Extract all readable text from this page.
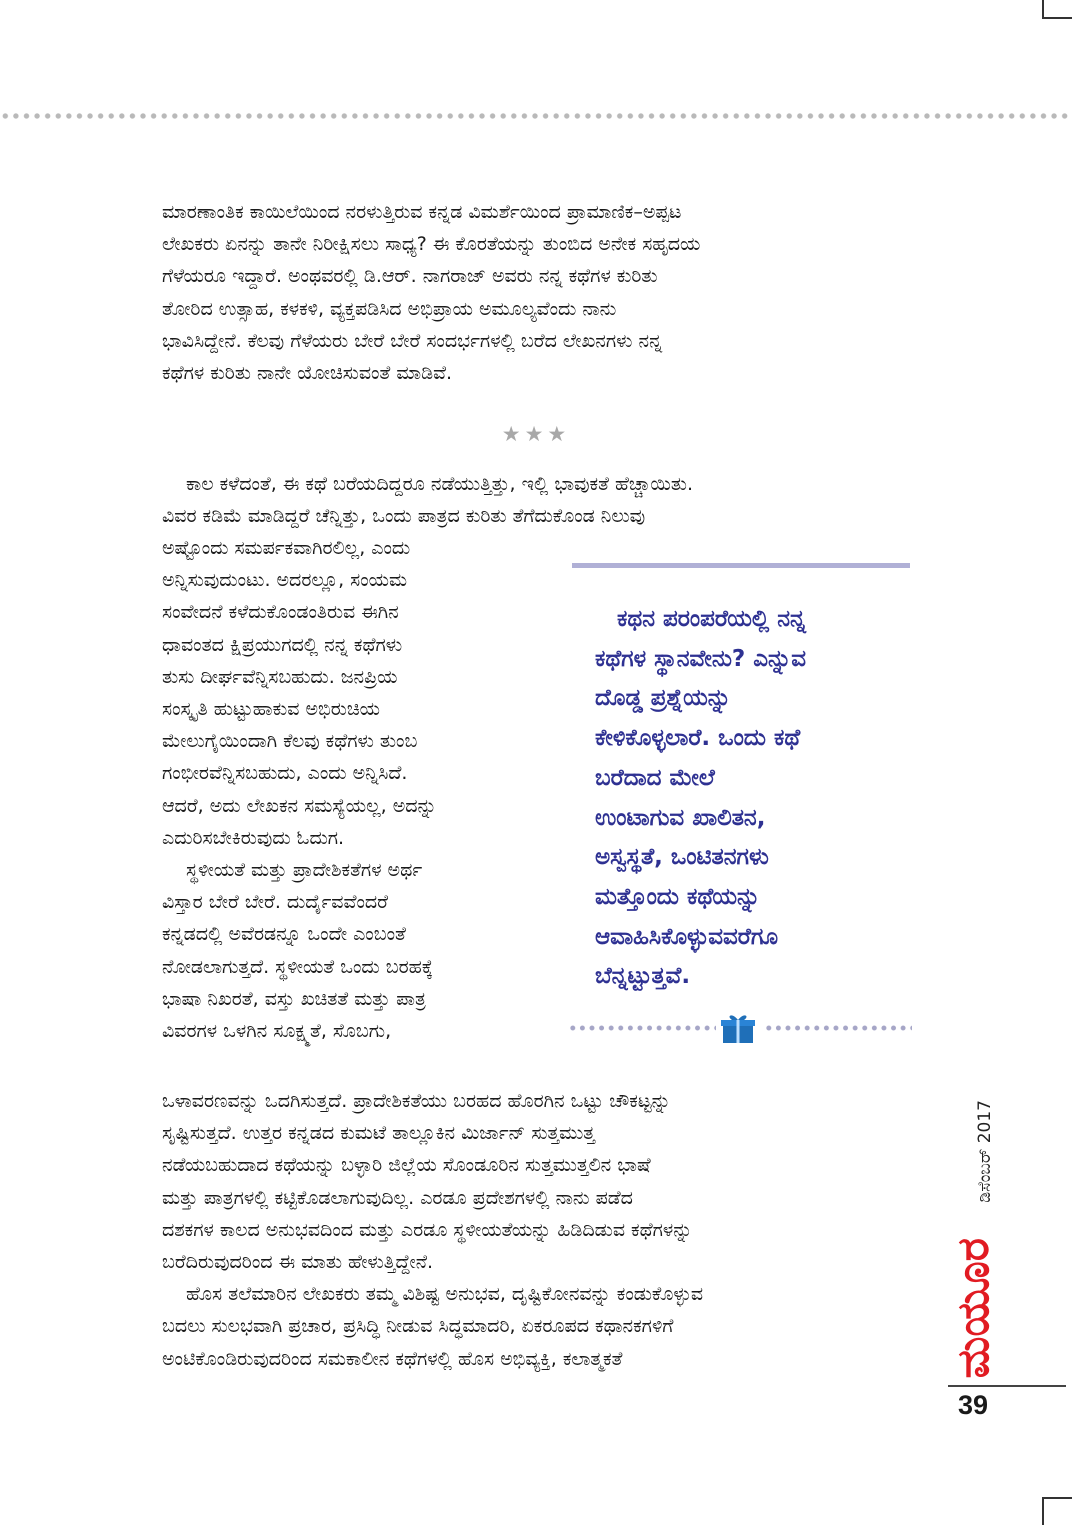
ಮಾರಣಾಂತಿಕ ಕಾಯಿಲೆಯಿಂದ ನರಳುತ್ತಿರುವ ಕನ್ನಡ ವಿಮರ್ಶೆಯಿಂದ ಪ್ರಾಮಾಣಿಕ–ಅಪ್ಪಟ
ಲೇಖಕರು ಏನನ್ನು ತಾನೇ ನಿರೀಕ್ಷಿಸಲು ಸಾಧ್ಯ? ಈ ಕೊರತೆಯನ್ನು ತುಂಬಿದ ಅನೇಕ ಸಹೃದಯ
ಗೆಳೆಯರೂ ಇದ್ದಾರೆ. ಅಂಥವರಲ್ಲಿ ಡಿ.ಆರ್. ನಾಗರಾಜ್ ಅವರು ನನ್ನ ಕಥೆಗಳ ಕುರಿತು
ತೋರಿದ ಉತ್ಸಾಹ, ಕಳಕಳಿ, ವ್ಯಕ್ತಪಡಿಸಿದ ಅಭಿಪ್ರಾಯ ಅಮೂಲ್ಯವೆಂದು ನಾನು
ಭಾವಿಸಿದ್ದೇನೆ. ಕೆಲವು ಗೆಳೆಯರು ಬೇರೆ ಬೇರೆ ಸಂದರ್ಭಗಳಲ್ಲಿ ಬರೆದ ಲೇಖನಗಳು ನನ್ನ
ಕಥೆಗಳ ಕುರಿತು ನಾನೇ ಯೋಚಿಸುವಂತೆ ಮಾಡಿವೆ.

★★★

ಕಾಲ ಕಳೆದಂತೆ, ಈ ಕಥೆ ಬರೆಯದಿದ್ದರೂ ನಡೆಯುತ್ತಿತ್ತು, ಇಲ್ಲಿ ಭಾವುಕತೆ ಹೆಚ್ಚಾಯಿತು.
ವಿವರ ಕಡಿಮೆ ಮಾಡಿದ್ದರೆ ಚೆನ್ನಿತ್ತು, ಒಂದು ಪಾತ್ರದ ಕುರಿತು ತೆಗೆದುಕೊಂಡ ನಿಲುವು

ಅಷ್ಟೊಂದು ಸಮರ್ಪಕವಾಗಿರಲಿಲ್ಲ, ಎಂದು
ಅನ್ನಿಸುವುದುಂಟು. ಅದರಲ್ಲೂ, ಸಂಯಮ
ಸಂವೇದನೆ ಕಳೆದುಕೊಂಡಂತಿರುವ ಈಗಿನ
ಧಾವಂತದ ಕ್ಷಿಪ್ರಯುಗದಲ್ಲಿ ನನ್ನ ಕಥೆಗಳು
ತುಸು ದೀರ್ಘವೆನ್ನಿಸಬಹುದು. ಜನಪ್ರಿಯ
ಸಂಸ್ಕೃತಿ ಹುಟ್ಟುಹಾಕುವ ಅಭಿರುಚಿಯ
ಮೇಲುಗೈಯಿಂದಾಗಿ ಕೆಲವು ಕಥೆಗಳು ತುಂಬ
ಗಂಭೀರವೆನ್ನಿಸಬಹುದು, ಎಂದು ಅನ್ನಿಸಿದೆ.
ಆದರೆ, ಅದು ಲೇಖಕನ ಸಮಸ್ಯೆಯಲ್ಲ, ಅದನ್ನು
ಎದುರಿಸಬೇಕಿರುವುದು ಓದುಗ.
ಸ್ಥಳೀಯತೆ ಮತ್ತು ಪ್ರಾದೇಶಿಕತೆಗಳ ಅರ್ಥ
ವಿಸ್ತಾರ ಬೇರೆ ಬೇರೆ. ದುರ್ದೈವವೆಂದರೆ
ಕನ್ನಡದಲ್ಲಿ ಅವೆರಡನ್ನೂ ಒಂದೇ ಎಂಬಂತೆ
ನೋಡಲಾಗುತ್ತದೆ. ಸ್ಥಳೀಯತೆ ಒಂದು ಬರಹಕ್ಕೆ
ಭಾಷಾ ನಿಖರತೆ, ವಸ್ತು ಖಚಿತತೆ ಮತ್ತು ಪಾತ್ರ
ವಿವರಗಳ ಒಳಗಿನ ಸೂಕ್ಷ್ಮತೆ, ಸೊಬಗು,

ಕಥನ ಪರಂಪರೆಯಲ್ಲಿ ನನ್ನ
ಕಥೆಗಳ ಸ್ಥಾನವೇನು? ಎನ್ನುವ
ದೊಡ್ಡ ಪ್ರಶ್ನೆಯನ್ನು
ಕೇಳಿಕೊಳ್ಳಲಾರೆ. ಒಂದು ಕಥೆ
ಬರೆದಾದ ಮೇಲೆ
ಉಂಟಾಗುವ ಖಾಲಿತನ,
ಅಸ್ವಸ್ಥತೆ, ಒಂಟಿತನಗಳು
ಮತ್ತೊಂದು ಕಥೆಯನ್ನು
ಆವಾಹಿಸಿಕೊಳ್ಳುವವರೆಗೂ
ಬೆನ್ನಟ್ಟುತ್ತವೆ.

ಒಳಾವರಣವನ್ನು ಒದಗಿಸುತ್ತದೆ. ಪ್ರಾದೇಶಿಕತೆಯು ಬರಹದ ಹೊರಗಿನ ಒಟ್ಟು ಚೌಕಟ್ಟನ್ನು
ಸೃಷ್ಟಿಸುತ್ತದೆ. ಉತ್ತರ ಕನ್ನಡದ ಕುಮಟೆ ತಾಲ್ಲೂಕಿನ ಮಿರ್ಜಾನ್ ಸುತ್ತಮುತ್ತ
ನಡೆಯಬಹುದಾದ ಕಥೆಯನ್ನು ಬಳ್ಳಾರಿ ಜಿಲ್ಲೆಯ ಸೊಂಡೂರಿನ ಸುತ್ತಮುತ್ತಲಿನ ಭಾಷೆ
ಮತ್ತು ಪಾತ್ರಗಳಲ್ಲಿ ಕಟ್ಟಿಕೊಡಲಾಗುವುದಿಲ್ಲ. ಎರಡೂ ಪ್ರದೇಶಗಳಲ್ಲಿ ನಾನು ಪಡೆದ
ದಶಕಗಳ ಕಾಲದ ಅನುಭವದಿಂದ ಮತ್ತು ಎರಡೂ ಸ್ಥಳೀಯತೆಯನ್ನು ಹಿಡಿದಿಡುವ ಕಥೆಗಳನ್ನು
ಬರೆದಿರುವುದರಿಂದ ಈ ಮಾತು ಹೇಳುತ್ತಿದ್ದೇನೆ.
ಹೊಸ ತಲೆಮಾರಿನ ಲೇಖಕರು ತಮ್ಮ ವಿಶಿಷ್ಟ ಅನುಭವ, ದೃಷ್ಟಿಕೋನವನ್ನು ಕಂಡುಕೊಳ್ಳುವ
ಬದಲು ಸುಲಭವಾಗಿ ಪ್ರಚಾರ, ಪ್ರಸಿದ್ಧಿ ನೀಡುವ ಸಿದ್ಧಮಾದರಿ, ಏಕರೂಪದ ಕಥಾನಕಗಳಿಗೆ
ಅಂಟಿಕೊಂಡಿರುವುದರಿಂದ ಸಮಕಾಲೀನ ಕಥೆಗಳಲ್ಲಿ ಹೊಸ ಅಭಿವ್ಯಕ್ತಿ, ಕಲಾತ್ಮಕತೆ

ಡಿಸೆಂಬರ್ 2017
ಮಯೂರ
39
